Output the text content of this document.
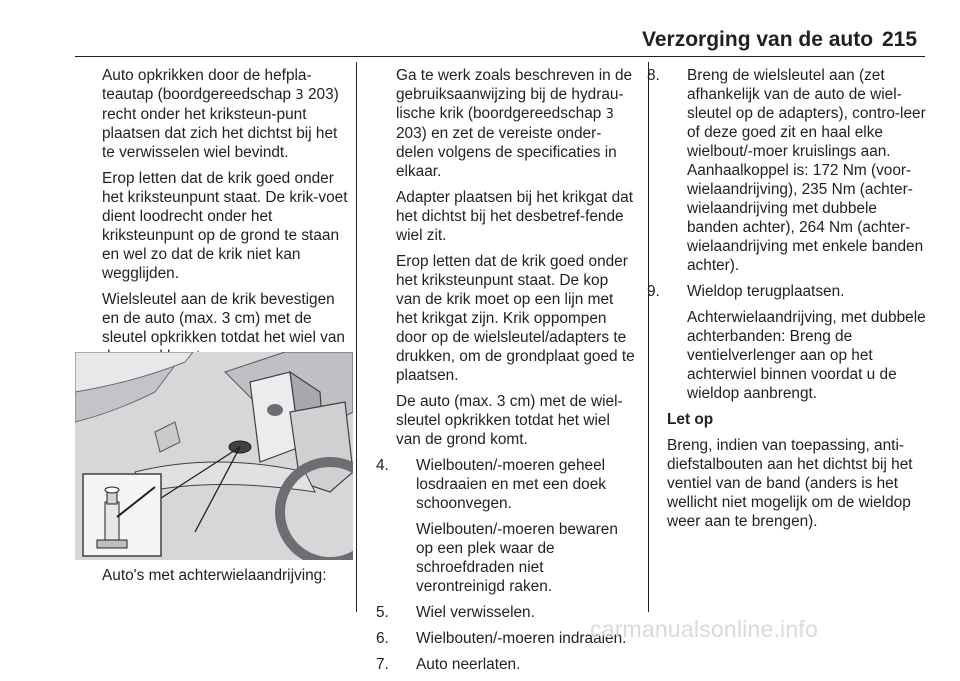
Verzorging van de auto 215

Auto opkrikken door de hefpla-teautap (boordgereedschap 3 203) recht onder het kriksteun-punt plaatsen dat zich het dichtst bij het te verwisselen wiel bevindt.

Erop letten dat de krik goed onder het kriksteunpunt staat. De krik-voet dient loodrecht onder het kriksteunpunt op de grond te staan en wel zo dat de krik niet kan wegglijden.

Wielsleutel aan de krik bevestigen en de auto (max. 3 cm) met de sleutel opkrikken totdat het wiel van

Auto's met achterwielaandrijving:

Ga te werk zoals beschreven in de gebruiksaanwijzing bij de hydrau-lische krik (boordgereedschap 3 203) en zet de vereiste onder-delen volgens de specificaties in elkaar.

Adapter plaatsen bij het krikgat dat het dichtst bij het desbetref-fende wiel zit.

Erop letten dat de krik goed onder het kriksteunpunt staat. De kop van de krik moet op een lijn met het krikgat zijn. Krik oppompen door op de wielsleutel/adapters te drukken, om de grondplaat goed te plaatsen.

De auto (max. 3 cm) met de wiel-sleutel opkrikken totdat het wiel van de grond komt.

4. Wielbouten/-moeren geheel losdraaien en met een doek schoonvegen.

Wielbouten/-moeren bewaren op een plek waar de schroefdraden niet verontreinigd raken.

5. Wiel verwisselen.

6. Wielbouten/-moeren indraaien.

7. Auto neerlaten.

8. Breng de wielsleutel aan (zet afhankelijk van de auto de wiel-sleutel op de adapters), contro-leer of deze goed zit en haal elke wielbout/-moer kruislings aan. Aanhaalkoppel is: 172 Nm (voor-wielaandrijving), 235 Nm (achter-wielaandrijving met dubbele banden achter), 264 Nm (achter-wielaandrijving met enkele banden achter).

9. Wieldop terugplaatsen.

Achterwielaandrijving, met dubbele achterbanden: Breng de ventielverlenger aan op het achterwiel binnen voordat u de wieldop aanbrengt.

Let op

Breng, indien van toepassing, anti-diefstalbouten aan het dichtst bij het ventiel van de band (anders is het wellicht niet mogelijk om de wieldop weer aan te brengen).

carmanualsonline.info
